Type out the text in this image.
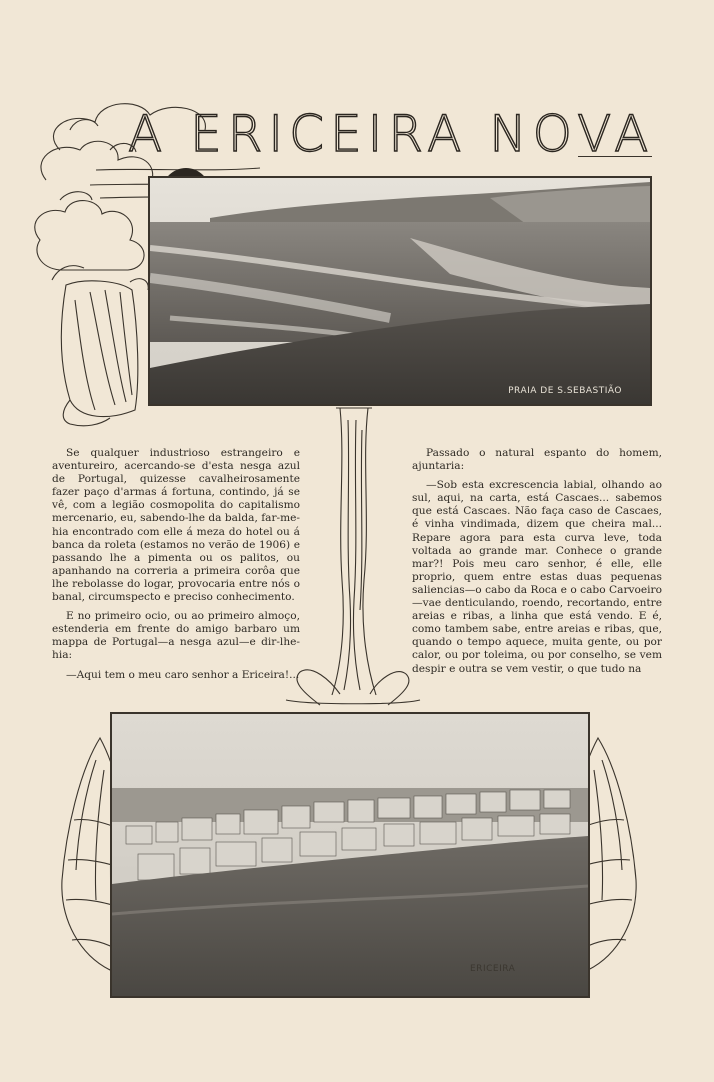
A ERICEIRA NOVA
PRAIA DE S.SEBASTIÃO

Se qualquer industrioso estrangeiro e aventureiro, acercando-se d'esta nesga azul de Portugal, quizesse cavalheirosamente fazer paço d'armas á fortuna, contindo, já se vê, com a legião cosmopolita do capitalismo mercenario, eu, sabendo-lhe da balda, far-me-hia encontrado com elle á meza do hotel ou á banca da roleta (estamos no verão de 1906) e passando lhe a pimenta ou os palitos, ou apanhando na correria a primeira corôa que lhe rebolasse do logar, provocaria entre nós o banal, circumspecto e preciso conhecimento.

E no primeiro ocio, ou ao primeiro almoço, estenderia em frente do amigo barbaro um mappa de Portugal—a nesga azul—e dir-lhe-hia:

—Aqui tem o meu caro senhor a Ericeira!...

Passado o natural espanto do homem, ajuntaria:

—Sob esta excrescencia labial, olhando ao sul, aqui, na carta, está Cascaes... sabemos que está Cascaes. Não faça caso de Cascaes, é vinha vindimada, dizem que cheira mal... Repare agora para esta curva leve, toda voltada ao grande mar. Conhece o grande mar?! Pois meu caro senhor, é elle, elle proprio, quem entre estas duas pequenas saliencias—o cabo da Roca e o cabo Carvoeiro—vae denticulando, roendo, recortando, entre areias e ribas, a linha que está vendo. E é, como tambem sabe, entre areias e ribas, que, quando o tempo aquece, muita gente, ou por calor, ou por toleima, ou por conselho, se vem despir e outra se vem vestir, o que tudo na

ERICEIRA
